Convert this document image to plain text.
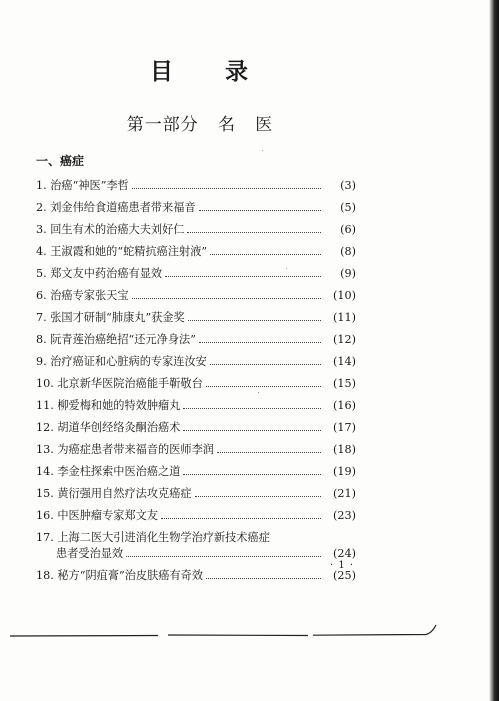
目 录
第一部分   名   医
一、癌症
1. 治癌“神医”李哲	(3)
2. 刘金伟给食道癌患者带来福音	(5)
3. 回生有术的治癌大夫刘好仁	(6)
4. 王淑霞和她的“蛇精抗癌注射液”	(8)
5. 郑文友中药治癌有显效	(9)
6. 治癌专家张天宝	(10)
7. 张国才研制“肺康丸”获金奖	(11)
8. 阮青莲治癌绝招“还元净身法”	(12)
9. 治疗癌证和心脏病的专家连汝安	(14)
10. 北京新华医院治癌能手靳敬台	(15)
11. 柳爱梅和她的特效肿瘤丸	(16)
12. 胡道华创经络灸酮治癌术	(17)
13. 为癌症患者带来福音的医师李润	(18)
14. 李金柱探索中医治癌之道	(19)
15. 黄衍强用自然疗法攻克癌症	(21)
16. 中医肿瘤专家郑文友	(23)
17. 上海二医大引进消化生物学治疗新技术癌症
患者受治显效	(24)
18. 秘方“阴疽膏”治皮肤癌有奇效	(25)
· 1 ·
